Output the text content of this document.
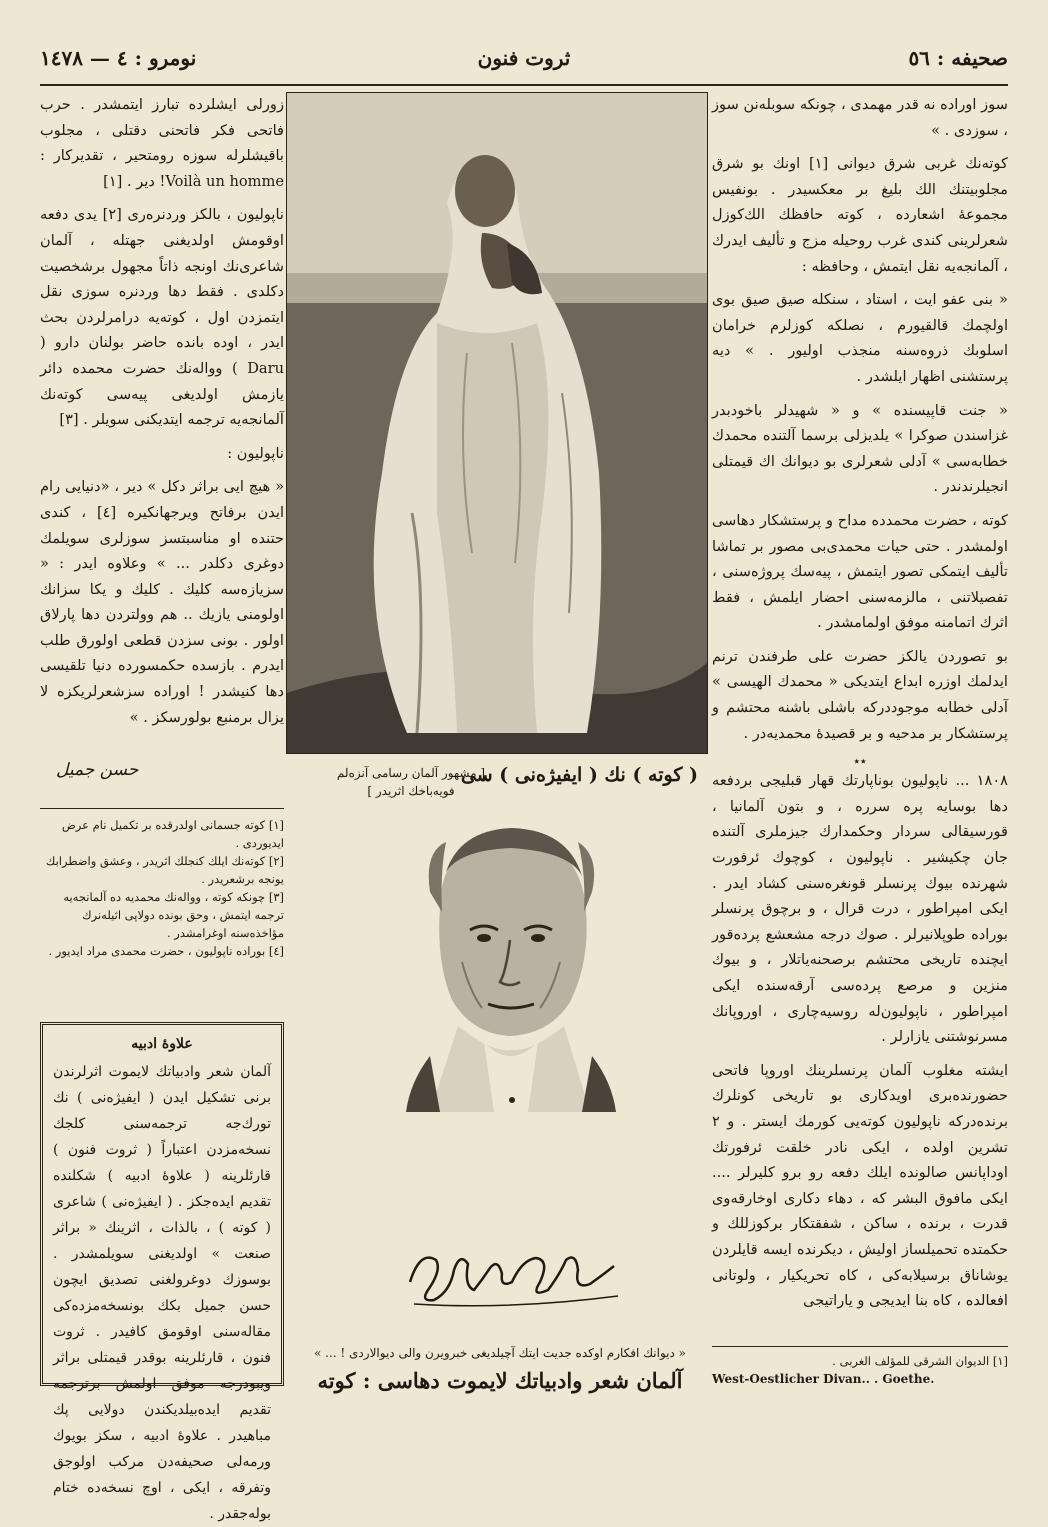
صحیفه : ٥٦
ثروت فنون
نومرو : ٤ — ١٤٧٨

سوز اوراده نه قدر مهمدی ، چونکه سوبله‌نن سوز ، سوزدی . »

كوته‌نك غربی شرق دیوانی [١] اونك بو شرق مجلوبیتنك الك بلیغ بر معكسیدر . بونفیس مجموعهٔ اشعارده ، كوته حافظك الك‌كوزل شعرلرینی كندی غرب روحیله مزج و تألیف ایدرك ، آلمانجه‌یه نقل ایتمش ، وحافظه :

« بنی عفو ایت ، استاد ، سنكله صیق صیق بوی اولچمك قالقیورم ، نصلكه كوزلرم خرامان اسلوبك ذروه‌سنه منجذب اولیور . » دیه پرستشنی اظهار ایلشدر .

« جنت قاپیسنده » و « شهیدلر باخودبدر غزاسندن صوكرا » یلدیزلی برسما آلتنده محمدك خطابه‌سی » آدلی شعرلری بو دیوانك اك قیمتلی انجیلرندندر .

كوته ، حضرت محمدده مداح و پرستشكار دهاسی اولمشدر . حتی حیات محمدی‌بی مصور بر تماشا تألیف ایتمكی تصور ایتمش ، پیه‌سك پروژه‌سنی ، تفصیلاتنی ، مالزمه‌سنی احضار ایلمش ، فقط اثرك اتمامنه موفق اولمامشدر .

بو تصوردن یالكز حضرت علی طرفندن ترنم ایدلمك اوزره ابداع ایتدیكی « محمدك الهیسی » آدلی خطابه موجوددركه باشلی باشنه محتشم و پرستشكار بر مدحیه و بر قصیدهٔ محمدیه‌در .

٭٭

١٨٠٨ ... ناپولیون بوناپارتك قهار قبلیجی بردفعه دها بوسایه پره سرره ، و بتون آلمانیا ، قورسیقالی سردار وحكمدارك جیزملری آلتنده جان چكیشیر . ناپولیون ، كوچوك ئرفورت شهرنده بیوك پرنسلر قونغره‌سنی كشاد ایدر . ایكی امپراطور ، درت قرال ، و برچوق پرنسلر بوراده طوپلانیرلر . صوك درجه مشعشع پرده‌قور ایچنده تاریخی محتشم برصحنه‌یاتلار ، و بیوك منزین و مرصع پرده‌سی آرقه‌سنده ایكی امپراطور ، ناپولیون‌له روسیه‌چاری ، اوروپانك مسرنوشتنی یازارلر .

ایشته مغلوب آلمان پرنسلرینك اوروپا فاتحی حضورنده‌بری اویدكاری بو تاریخی كونلرك برنده‌دركه ناپولیون كوته‌یی كورمك ایستر . و ٢ تشرین اولده ، ایكی نادر خلقت ئرفورتك اوداپانس صالونده ایلك دفعه رو برو كلیرلر .... ایكی مافوق البشر که ، دهاء دكاری اوخارقه‌وی قدرت ، برنده ، ساكن ، شفقتكار بركوزللك و حكمتده تحمیلساز اولیش ، دیكرنده ایسه قایلردن یوشاناق برسیلابه‌كی ، كاه تحریكیار ، ولوتانی افعالده ، كاه بنا ایدیجی و یاراتیجی

زورلی ایشلرده تبارز ایتمشدر . حرب فاتحی فكر فاتحنی دقتلی ، مجلوب باقیشلرله سوزه رومتحیر ، تقدیركار : Voilà un homme! دیر . [١]

ناپولیون ، بالكز وردنره‌ری [٢] یدی دفعه اوقومش اولدیغنی جهتله ، آلمان شاعری‌نك اونجه ذاتاً مجهول برشخصیت دكلدی . فقط دها وردنره سوزی نقل ایتمزدن اول ، كوته‌یه درامرلردن بحث ایدر ، اوده بانده حاضر بولنان دارو ( Daru ) وواله‌نك حضرت محمده دائر یازمش اولدیغی پیه‌سی كوته‌نك آلمانجه‌یه ترجمه ایتدیكنی سویلر . [٣]

ناپولیون :

« هیچ ایی براثر دكل » دیر ، «دنیایی رام ایدن برفاتح ویرجهانكیره [٤] ، كندی حتنده او مناسبتسز سوزلری سویلمك دوغری دكلدر ... » وعلاوه ایدر : « سزیازه‌سه كلیك . كلیك و یكا سزانك اولومنی یازیك .. هم وولتردن دها پارلاق اولور . بونی سزدن قطعی اولورق طلب ایدرم . بازسده حكمسورده دنیا تلقیسی دها كنیشدر ! اوراده سزشعرلریكزه لا یزال برمنبع بولورسكز . »

حسن جمیل

[١] كوته جسمانی اولدرقده بر تكمیل نام عرض ایدیوردی .

[٢] كوته‌نك ایلك كنجلك اثریدر ، وعشق واضطرابك یونجه برشعریدر .

[٣] چونكه كوته ، وواله‌نك محمدیه ده آلمانجه‌یه ترجمه ایتمش ، وحق بونده دولاپی اثیله‌نرك مؤاخذه‌سنه اوغرامشدر .

[٤] بوراده ناپولیون ، حضرت محمدی مراد ایدیور .

علاوهٔ ادبیه

آلمان شعر وادبیاتك لایموت اثرلرندن برنی تشكیل ایدن ( ایفیژه‌نی ) نك تورك‌جه ترجمه‌سنی كلجك نسخه‌مزدن اعتباراً ( ثروت فنون ) قارئلرینه ( علاوهٔ ادبیه ) شكلنده تقدیم ایده‌جكز . ( ایفیژه‌نی ) شاعری ( كوته ) ، بالذات ، اثرینك « براثر صنعت » اولدیغنی سویلمشدر . بوسوزك دوغرولغنی تصدیق ایچون حسن جمیل بكك بونسخه‌مزده‌كی مقاله‌سنی اوقومق كافیدر . ثروت فنون ، قارئلرینه بوقدر قیمتلی براثر ویبودرجه موفق اولمش برترجمه تقدیم ایده‌بیلدیكندن دولایی پك مباهیدر . علاوهٔ ادبیه ، سكز بویوك ورمه‌لی صحیفه‌دن مركب اولوجق وتفرقه ، ایكی ، اوچ نسخه‌ده ختام بوله‌جقدر .

( كوته ) نك ( ایفیژه‌نی ) سی
[ مشهور آلمان رسامی آنزه‌لم فویه‌باخك اثریدر ]
« دیوانك افكارم اوكده جدیت ایتك آچیلدیغی خبرویرن والی دیوالاردی ! ... »
آلمان شعر وادبیاتك لایموت دهاسی : كوته

[١] الدیوان الشرقی للمؤلف الغربی .

West-Oestlicher Divan.. . Goethe.
